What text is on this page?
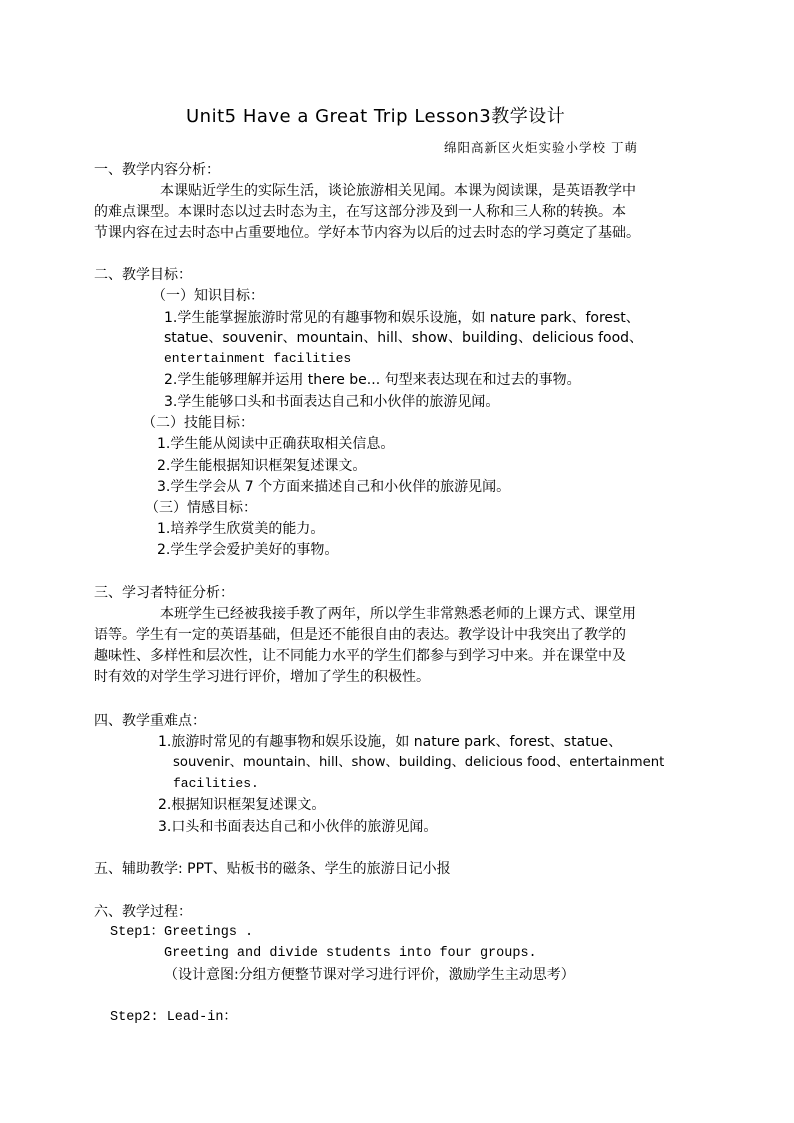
Unit5 Have a Great Trip Lesson3教学设计
绵阳高新区火炬实验小学校 丁萌
一、教学内容分析：
本课贴近学生的实际生活，谈论旅游相关见闻。本课为阅读课，是英语教学中
的难点课型。本课时态以过去时态为主，在写这部分涉及到一人称和三人称的转换。本
节课内容在过去时态中占重要地位。学好本节内容为以后的过去时态的学习奠定了基础。
二、教学目标：
（一）知识目标：
1.学生能掌握旅游时常见的有趣事物和娱乐设施，如 nature park、forest、
statue、souvenir、mountain、hill、show、building、delicious food、
entertainment facilities
2.学生能够理解并运用 there be... 句型来表达现在和过去的事物。
3.学生能够口头和书面表达自己和小伙伴的旅游见闻。
（二）技能目标：
1.学生能从阅读中正确获取相关信息。
2.学生能根据知识框架复述课文。
3.学生学会从 7 个方面来描述自己和小伙伴的旅游见闻。
（三）情感目标：
1.培养学生欣赏美的能力。
2.学生学会爱护美好的事物。
三、学习者特征分析：
本班学生已经被我接手教了两年，所以学生非常熟悉老师的上课方式、课堂用
语等。学生有一定的英语基础，但是还不能很自由的表达。教学设计中我突出了教学的
趣味性、多样性和层次性，让不同能力水平的学生们都参与到学习中来。并在课堂中及
时有效的对学生学习进行评价，增加了学生的积极性。
四、教学重难点：
1.旅游时常见的有趣事物和娱乐设施，如 nature park、forest、statue、
souvenir、mountain、hill、show、building、delicious food、entertainment
facilities.
2.根据知识框架复述课文。
3.口头和书面表达自己和小伙伴的旅游见闻。
五、辅助教学: PPT、贴板书的磁条、学生的旅游日记小报
六、教学过程：
Step1：Greetings .
Greeting and divide students into four groups.
（设计意图:分组方便整节课对学习进行评价，激励学生主动思考）
Step2: Lead-in：
